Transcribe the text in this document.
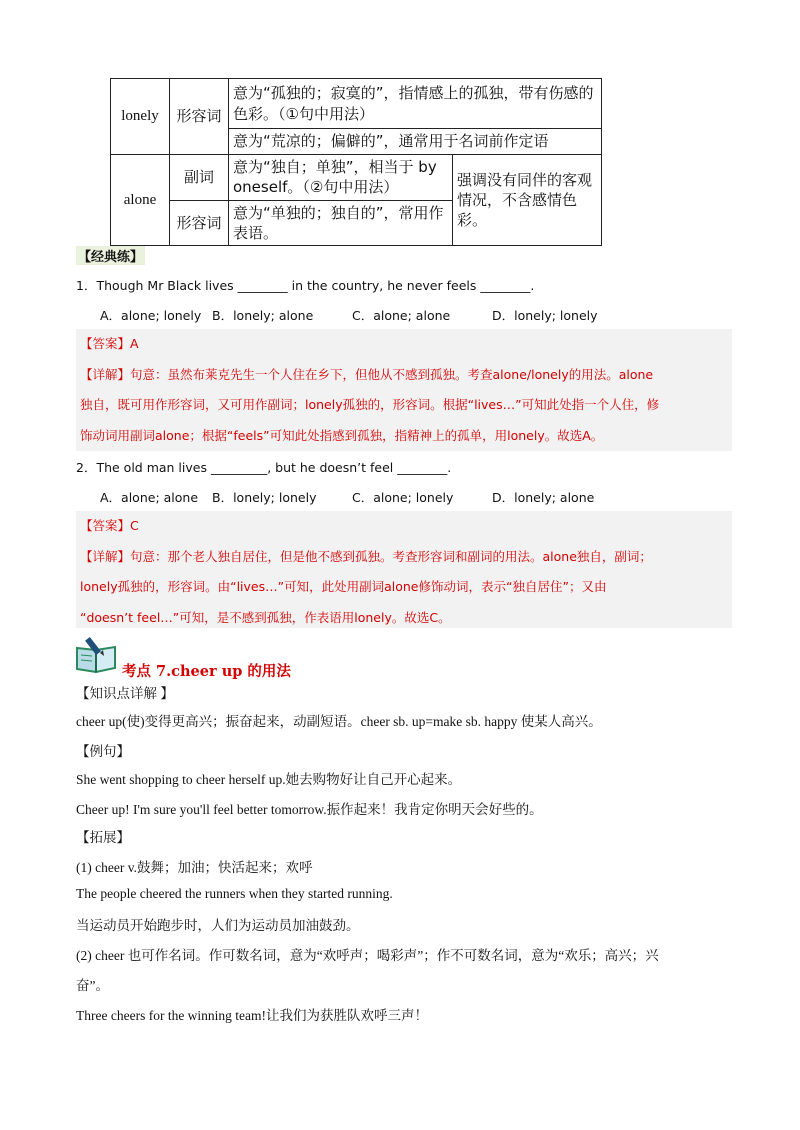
lonely	形容词	意为“孤独的；寂寞的”，指情感上的孤独，带有伤感的色彩。（①句中用法）	
		意为“荒凉的；偏僻的”，通常用于名词前作定语	
alone	副词	意为“独自；单独”，相当于 by oneself。（②句中用法）	强调没有同伴的客观情况，不含感情色彩。
	形容词	意为“单独的；独自的”，常用作表语。	
【经典练】
1．Though Mr Black lives ________ in the country, he never feels ________.
A．alone; lonely B．lonely; alone	C．alone; alone	D．lonely; lonely
【答案】A
【详解】句意：虽然布莱克先生一个人住在乡下，但他从不感到孤独。考查alone/lonely的用法。alone
独自，既可用作形容词，又可用作副词；lonely孤独的，形容词。根据“lives…”可知此处指一个人住，修
饰动词用副词alone；根据“feels”可知此处指感到孤独，指精神上的孤单，用lonely。故选A。
2．The old man lives _________, but he doesn’t feel ________.
A．alone; alone	B．lonely; lonely	C．alone; lonely	D．lonely; alone
【答案】C
【详解】句意：那个老人独自居住，但是他不感到孤独。考查形容词和副词的用法。alone独自，副词；
lonely孤独的，形容词。由“lives…”可知，此处用副词alone修饰动词，表示“独自居住”；又由
“doesn’t feel…”可知，是不感到孤独，作表语用lonely。故选C。
考点 7.cheer up 的用法
【知识点详解 】
cheer up(使)变得更高兴；振奋起来，动副短语。cheer sb. up=make sb. happy 使某人高兴。
【例句】
She went shopping to cheer herself up.她去购物好让自己开心起来。
Cheer up! I'm sure you'll feel better tomorrow.振作起来！我肯定你明天会好些的。
【拓展】
(1) cheer v.鼓舞；加油；快活起来；欢呼
The people cheered the runners when they started running.
当运动员开始跑步时，人们为运动员加油鼓劲。
(2) cheer 也可作名词。作可数名词，意为“欢呼声；喝彩声”；作不可数名词，意为“欢乐；高兴；兴
奋”。
Three cheers for the winning team!让我们为获胜队欢呼三声！
